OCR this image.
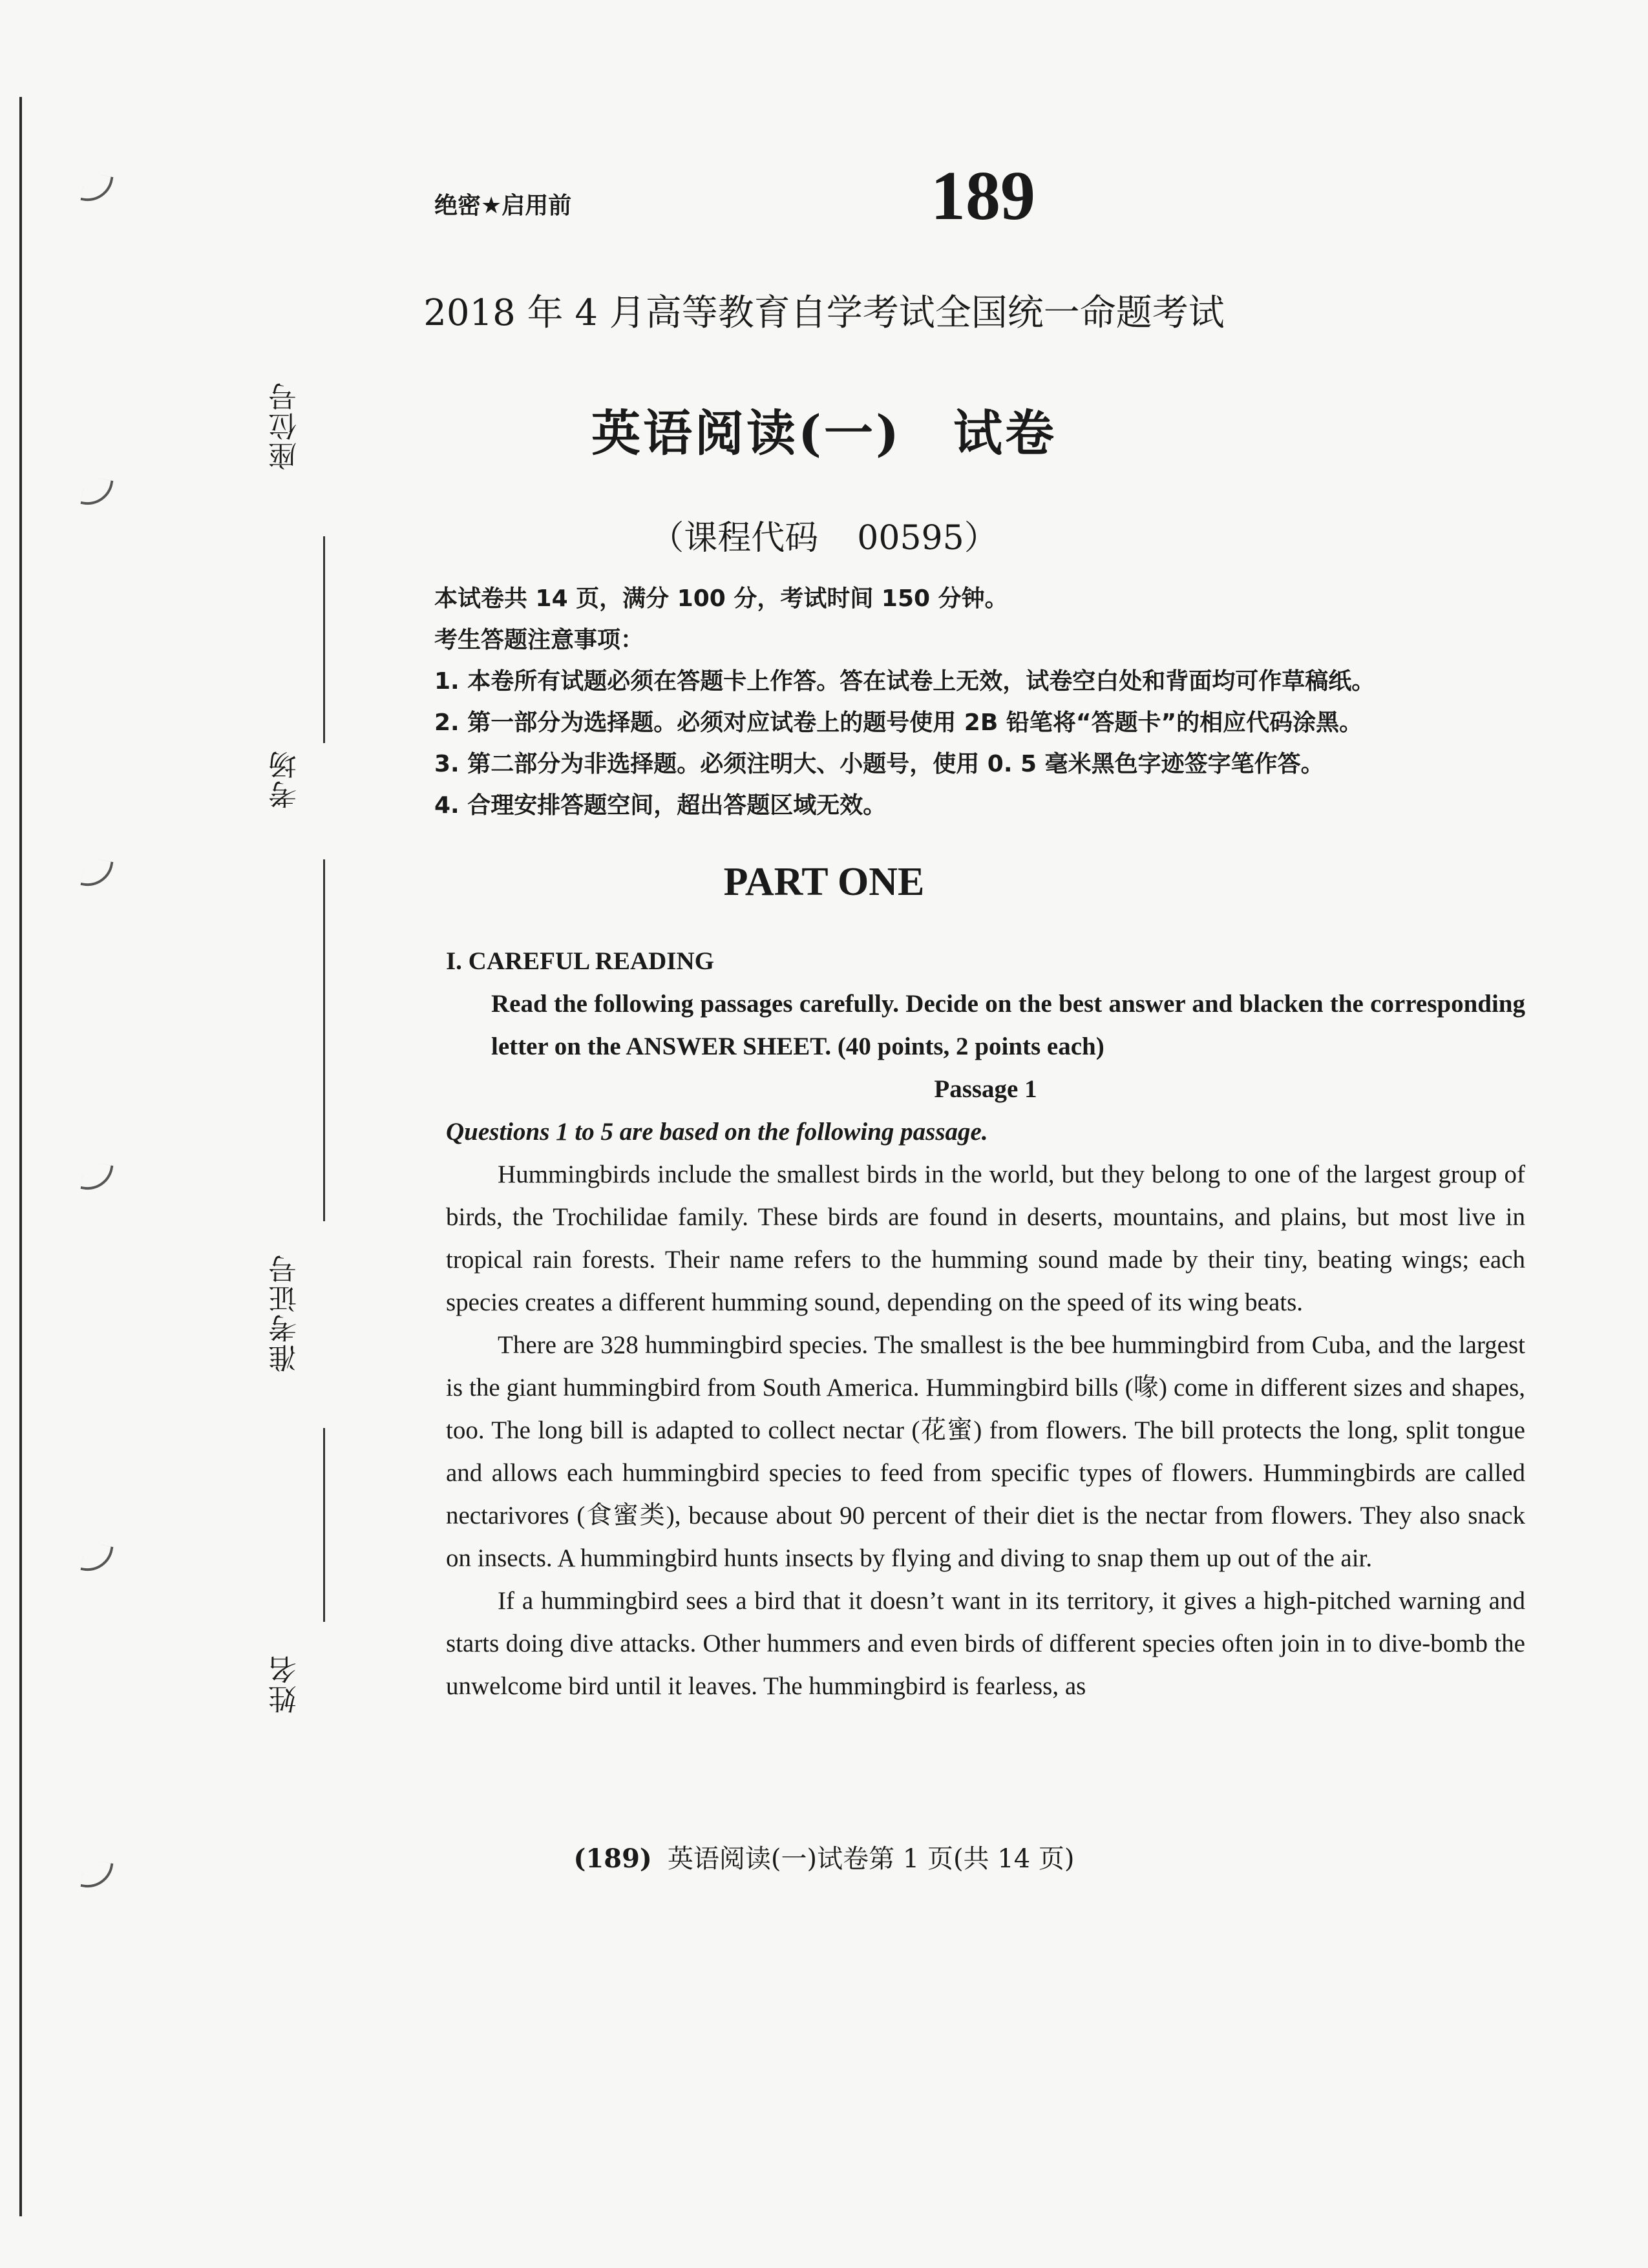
座位号
考场
准考证号
姓名
绝密★启用前	189
2018 年 4 月高等教育自学考试全国统一命题考试
英语阅读(一) 试卷
（课程代码 00595）
本试卷共 14 页，满分 100 分，考试时间 150 分钟。
考生答题注意事项：
1. 本卷所有试题必须在答题卡上作答。答在试卷上无效，试卷空白处和背面均可作草稿纸。
2. 第一部分为选择题。必须对应试卷上的题号使用 2B 铅笔将“答题卡”的相应代码涂黑。
3. 第二部分为非选择题。必须注明大、小题号，使用 0. 5 毫米黑色字迹签字笔作答。
4. 合理安排答题空间，超出答题区域无效。
PART ONE

I. CAREFUL READING

Read the following passages carefully. Decide on the best answer and blacken the corresponding letter on the ANSWER SHEET. (40 points, 2 points each)

Passage 1

Questions 1 to 5 are based on the following passage.

Hummingbirds include the smallest birds in the world, but they belong to one of the largest group of birds, the Trochilidae family. These birds are found in deserts, mountains, and plains, but most live in tropical rain forests. Their name refers to the humming sound made by their tiny, beating wings; each species creates a different humming sound, depending on the speed of its wing beats.

There are 328 hummingbird species. The smallest is the bee hummingbird from Cuba, and the largest is the giant hummingbird from South America. Hummingbird bills (喙) come in different sizes and shapes, too. The long bill is adapted to collect nectar (花蜜) from flowers. The bill protects the long, split tongue and allows each hummingbird species to feed from specific types of flowers. Hummingbirds are called nectarivores (食蜜类), because about 90 percent of their diet is the nectar from flowers. They also snack on insects. A hummingbird hunts insects by flying and diving to snap them up out of the air.

If a hummingbird sees a bird that it doesn’t want in its territory, it gives a high-pitched warning and starts doing dive attacks. Other hummers and even birds of different species often join in to dive-bomb the unwelcome bird until it leaves. The hummingbird is fearless, as

(189) 英语阅读(一)试卷第 1 页(共 14 页)
